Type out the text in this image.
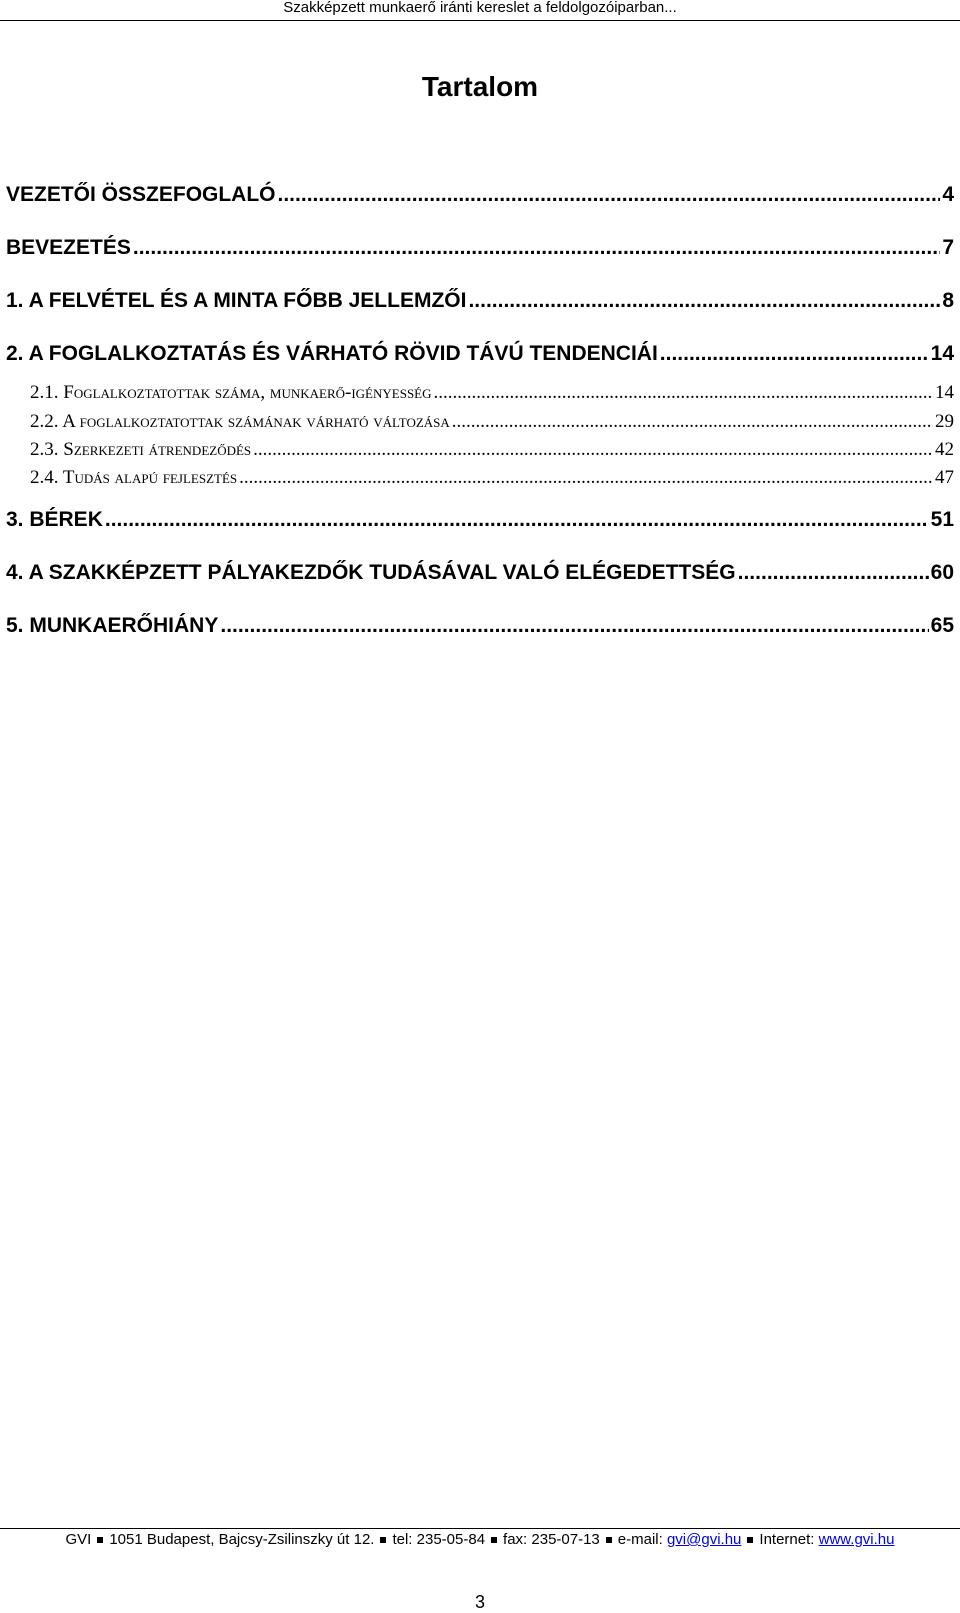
Szakképzett munkaerő iránti kereslet a feldolgozóiparban...
Tartalom
VEZETŐI ÖSSZEFOGLALÓ .....	4
BEVEZETÉS .....	7
1. A FELVÉTEL ÉS A MINTA FŐBB JELLEMZŐI .....	8
2. A FOGLALKOZTATÁS ÉS VÁRHATÓ RÖVID TÁVÚ TENDENCIÁI .....	14
2.1. Foglalkoztatottak száma, munkaerő-igényesség .....	14
2.2. A foglalkoztatottak számának várható változása .....	29
2.3. Szerkezeti átrendeződés .....	42
2.4. Tudás alapú fejlesztés .....	47
3. BÉREK .....	51
4. A SZAKKÉPZETT PÁLYAKEZDŐK TUDÁSÁVAL VALÓ ELÉGEDETTSÉG .....	60
5. MUNKAERŐHIÁNY .....	65
GVI 1051 Budapest, Bajcsy-Zsilinszky út 12. tel: 235-05-84 fax: 235-07-13 e-mail: gvi@gvi.hu Internet: www.gvi.hu
3
